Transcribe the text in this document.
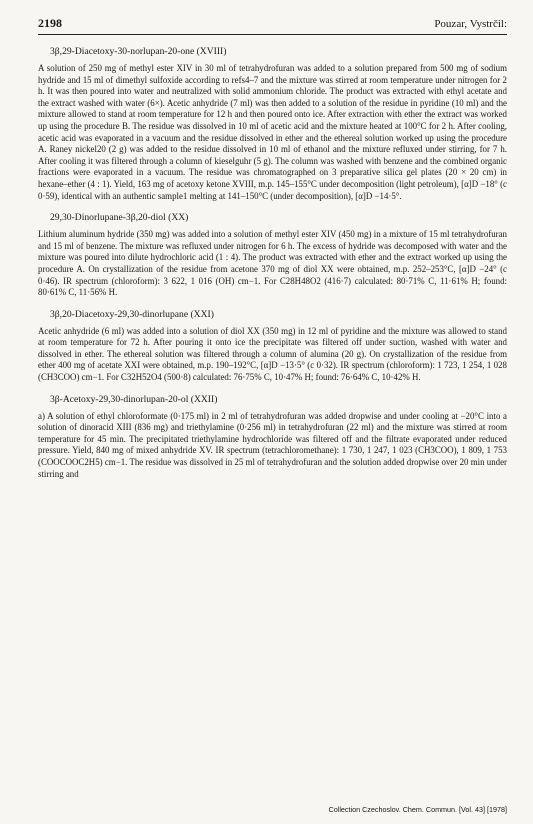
2198	Pouzar, Vystrčil:
3β,29-Diacetoxy-30-norlupan-20-one (XVIII)

A solution of 250 mg of methyl ester XIV in 30 ml of tetrahydrofuran was added to a solution prepared from 500 mg of sodium hydride and 15 ml of dimethyl sulfoxide according to refs4–7 and the mixture was stirred at room temperature under nitrogen for 2 h. It was then poured into water and neutralized with solid ammonium chloride. The product was extracted with ethyl acetate and the extract washed with water (6×). Acetic anhydride (7 ml) was then added to a solution of the residue in pyridine (10 ml) and the mixture allowed to stand at room temperature for 12 h and then poured onto ice. After extraction with ether the extract was worked up using the procedure B. The residue was dissolved in 10 ml of acetic acid and the mixture heated at 100°C for 2 h. After cooling, acetic acid was evaporated in a vacuum and the residue dissolved in ether and the ethereal solution worked up using the procedure A. Raney nickel20 (2 g) was added to the residue dissolved in 10 ml of ethanol and the mixture refluxed under stirring, for 7 h. After cooling it was filtered through a column of kieselguhr (5 g). The column was washed with benzene and the combined organic fractions were evaporated in a vacuum. The residue was chromatographed on 3 preparative silica gel plates (20 × 20 cm) in hexane–ether (4 : 1). Yield, 163 mg of acetoxy ketone XVIII, m.p. 145–155°C under decomposition (light petroleum), [α]D −18° (c 0·59), identical with an authentic sample1 melting at 141–150°C (under decomposition), [α]D −14·5°.

29,30-Dinorlupane-3β,20-diol (XX)

Lithium aluminum hydride (350 mg) was added into a solution of methyl ester XIV (450 mg) in a mixture of 15 ml tetrahydrofuran and 15 ml of benzene. The mixture was refluxed under nitrogen for 6 h. The excess of hydride was decomposed with water and the mixture was poured into dilute hydrochloric acid (1 : 4). The product was extracted with ether and the extract worked up using the procedure A. On crystallization of the residue from acetone 370 mg of diol XX were obtained, m.p. 252–253°C, [α]D −24° (c 0·46). IR spectrum (chloroform): 3 622, 1 016 (OH) cm−1. For C28H48O2 (416·7) calculated: 80·71% C, 11·61% H; found: 80·61% C, 11·56% H.

3β,20-Diacetoxy-29,30-dinorlupane (XXI)

Acetic anhydride (6 ml) was added into a solution of diol XX (350 mg) in 12 ml of pyridine and the mixture was allowed to stand at room temperature for 72 h. After pouring it onto ice the precipitate was filtered off under suction, washed with water and dissolved in ether. The ethereal solution was filtered through a column of alumina (20 g). On crystallization of the residue from ether 400 mg of acetate XXI were obtained, m.p. 190–192°C, [α]D −13·5° (c 0·32). IR spectrum (chloroform): 1 723, 1 254, 1 028 (CH3COO) cm−1. For C32H52O4 (500·8) calculated: 76·75% C, 10·47% H; found: 76·64% C, 10·42% H.

3β-Acetoxy-29,30-dinorlupan-20-ol (XXII)

a) A solution of ethyl chloroformate (0·175 ml) in 2 ml of tetrahydrofuran was added dropwise and under cooling at −20°C into a solution of dinoracid XIII (836 mg) and triethylamine (0·256 ml) in tetrahydrofuran (22 ml) and the mixture was stirred at room temperature for 45 min. The precipitated triethylamine hydrochloride was filtered off and the filtrate evaporated under reduced pressure. Yield, 840 mg of mixed anhydride XV. IR spectrum (tetrachloromethane): 1 730, 1 247, 1 023 (CH3COO), 1 809, 1 753 (COOCOOC2H5) cm−1. The residue was dissolved in 25 ml of tetrahydrofuran and the solution added dropwise over 20 min under stirring and

Collection Czechoslov. Chem. Commun. [Vol. 43] [1978]
